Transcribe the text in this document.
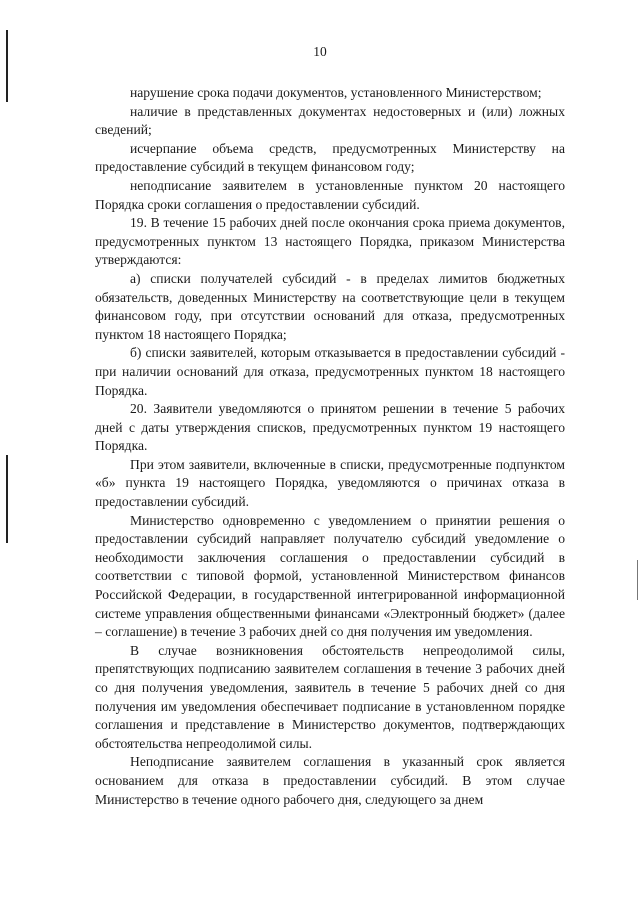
10

нарушение срока подачи документов, установленного Министерством;

наличие в представленных документах недостоверных и (или) ложных сведений;

исчерпание объема средств, предусмотренных Министерству на предоставление субсидий в текущем финансовом году;

неподписание заявителем в установленные пунктом 20 настоящего Порядка сроки соглашения о предоставлении субсидий.

19. В течение 15 рабочих дней после окончания срока приема документов, предусмотренных пунктом 13 настоящего Порядка, приказом Министерства утверждаются:

а) списки получателей субсидий - в пределах лимитов бюджетных обязательств, доведенных Министерству на соответствующие цели в текущем финансовом году, при отсутствии оснований для отказа, предусмотренных пунктом 18 настоящего Порядка;

б) списки заявителей, которым отказывается в предоставлении субсидий - при наличии оснований для отказа, предусмотренных пунктом 18 настоящего Порядка.

20. Заявители уведомляются о принятом решении в течение 5 рабочих дней с даты утверждения списков, предусмотренных пунктом 19 настоящего Порядка.

При этом заявители, включенные в списки, предусмотренные подпунктом «б» пункта 19 настоящего Порядка, уведомляются о причинах отказа в предоставлении субсидий.

Министерство одновременно с уведомлением о принятии решения о предоставлении субсидий направляет получателю субсидий уведомление о необходимости заключения соглашения о предоставлении субсидий в соответствии с типовой формой, установленной Министерством финансов Российской Федерации, в государственной интегрированной информационной системе управления общественными финансами «Электронный бюджет» (далее – соглашение) в течение 3 рабочих дней со дня получения им уведомления.

В случае возникновения обстоятельств непреодолимой силы, препятствующих подписанию заявителем соглашения в течение 3 рабочих дней со дня получения уведомления, заявитель в течение 5 рабочих дней со дня получения им уведомления обеспечивает подписание в установленном порядке соглашения и представление в Министерство документов, подтверждающих обстоятельства непреодолимой силы.

Неподписание заявителем соглашения в указанный срок является основанием для отказа в предоставлении субсидий. В этом случае Министерство в течение одного рабочего дня, следующего за днем
